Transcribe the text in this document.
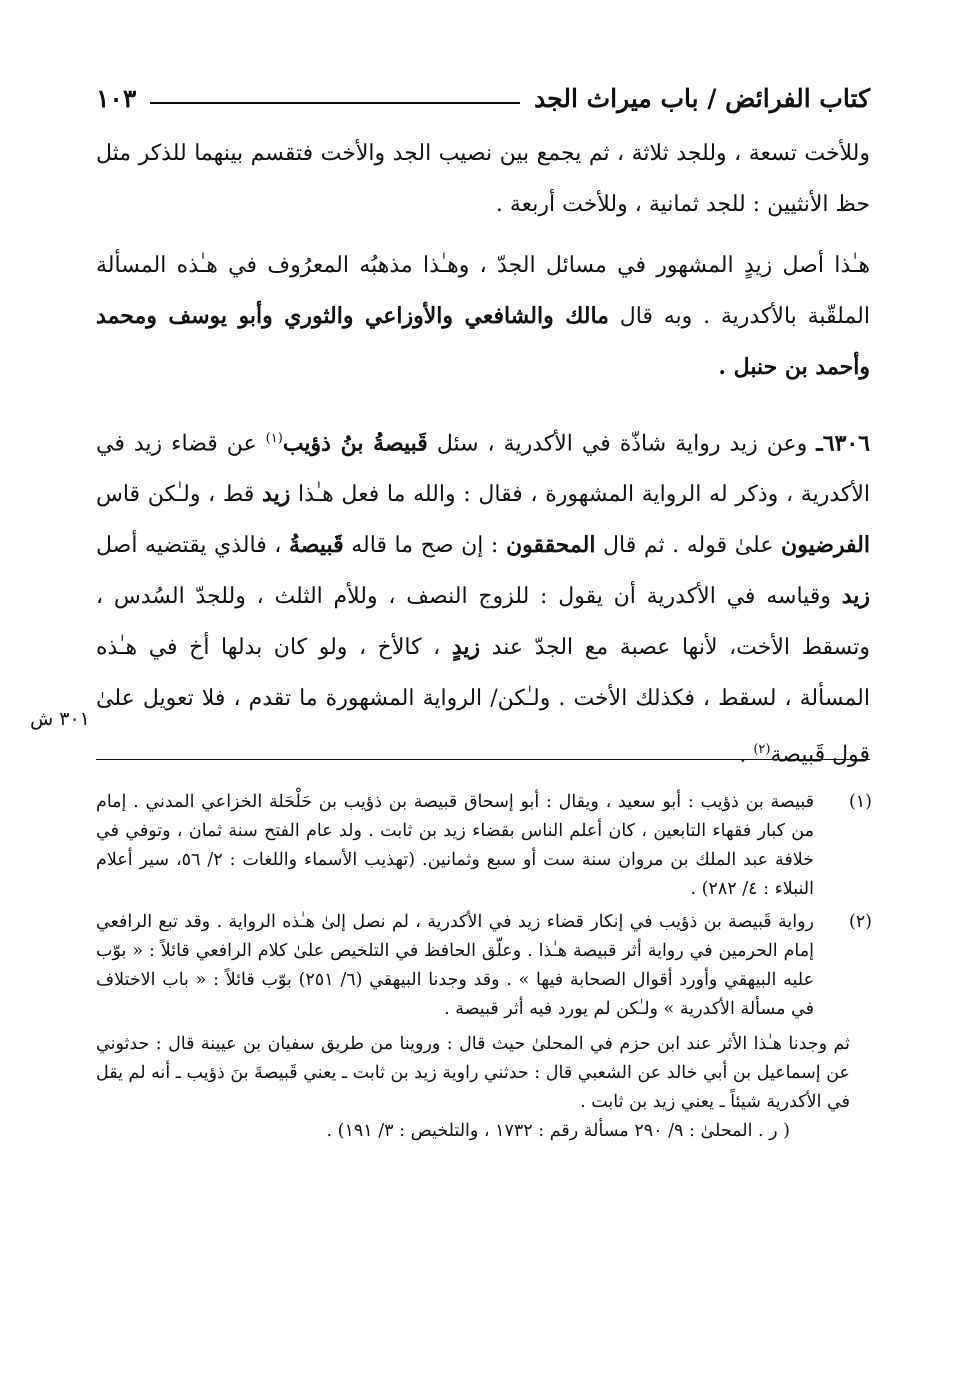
كتاب الفرائض / باب ميراث الجد
١٠٣

وللأخت تسعة ، وللجد ثلاثة ، ثم يجمع بين نصيب الجد والأخت فتقسم بينهما للذكر مثل حظ الأنثيين : للجد ثمانية ، وللأخت أربعة .

هـٰذا أصل زيدٍ المشهور في مسائل الجدّ ، وهـٰذا مذهبُه المعرُوف في هـٰذه المسألة الملقّبة بالأكدرية . وبه قال مالك والشافعي والأوزاعي والثوري وأبو يوسف ومحمد وأحمد بن حنبل .

٦٣٠٦ـ وعن زيد رواية شاذّة في الأكدرية ، سئل قَبيصةُ بنُ ذؤيب$^{(١)}$ عن قضاء زيد في الأكدرية ، وذكر له الرواية المشهورة ، فقال : والله ما فعل هـٰذا زيد قط ، ولـٰكن قاس الفرضيون علىٰ قوله . ثم قال المحققون : إن صح ما قاله قَبيصةُ ، فالذي يقتضيه أصل زيد وقياسه في الأكدرية أن يقول : للزوج النصف ، وللأم الثلث ، وللجدّ السُدس ، وتسقط الأخت، لأنها عصبة مع الجدّ عند زيدٍ ، كالأخ ، ولو كان بدلها أخ في هـٰذه المسألة ، لسقط ، فكذلك الأخت . ولـٰكن/ الرواية المشهورة ما تقدم ، فلا تعويل علىٰ قول قَبيصة$^{(٢)}$ .

٣٠١ ش
(١)
قبيصة بن ذؤيب : أبو سعيد ، ويقال : أبو إسحاق قبيصة بن ذؤيب بن حَلْحَلة الخزاعي المدني . إمام من كبار فقهاء التابعين ، كان أعلم الناس بقضاء زيد بن ثابت . ولد عام الفتح سنة ثمان ، وتوفي في خلافة عبد الملك بن مروان سنة ست أو سبع وثمانين. (تهذيب الأسماء واللغات : ٢/ ٥٦، سير أعلام النبلاء : ٤/ ٢٨٢) .
(٢)
رواية قَبيصة بن ذؤيب في إنكار قضاء زيد في الأكدرية ، لم نصل إلىٰ هـٰذه الرواية . وقد تبع الرافعي إمام الحرمين في رواية أثر قبيصة هـٰذا . وعلّق الحافظ في التلخيص علىٰ كلام الرافعي قائلاً : « بوّب عليه البيهقي وأورد أقوال الصحابة فيها » . وقد وجدنا البيهقي (٦/ ٢٥١) بوّب قائلاً : « باب الاختلاف في مسألة الأكدرية » ولـٰكن لم يورد فيه أثر قبيصة .
ثم وجدنا هـٰذا الأثر عند ابن حزم في المحلىٰ حيث قال : وروينا من طريق سفيان بن عيينة قال : حدثوني عن إسماعيل بن أبي خالد عن الشعبي قال : حدثني راوية زيد بن ثابت ـ يعني قَبيصةَ بنَ ذؤيب ـ أنه لم يقل في الأكدرية شيئاً ـ يعني زيد بن ثابت .
( ر . المحلىٰ : ٩/ ٢٩٠ مسألة رقم : ١٧٣٢ ، والتلخيص : ٣/ ١٩١) .
